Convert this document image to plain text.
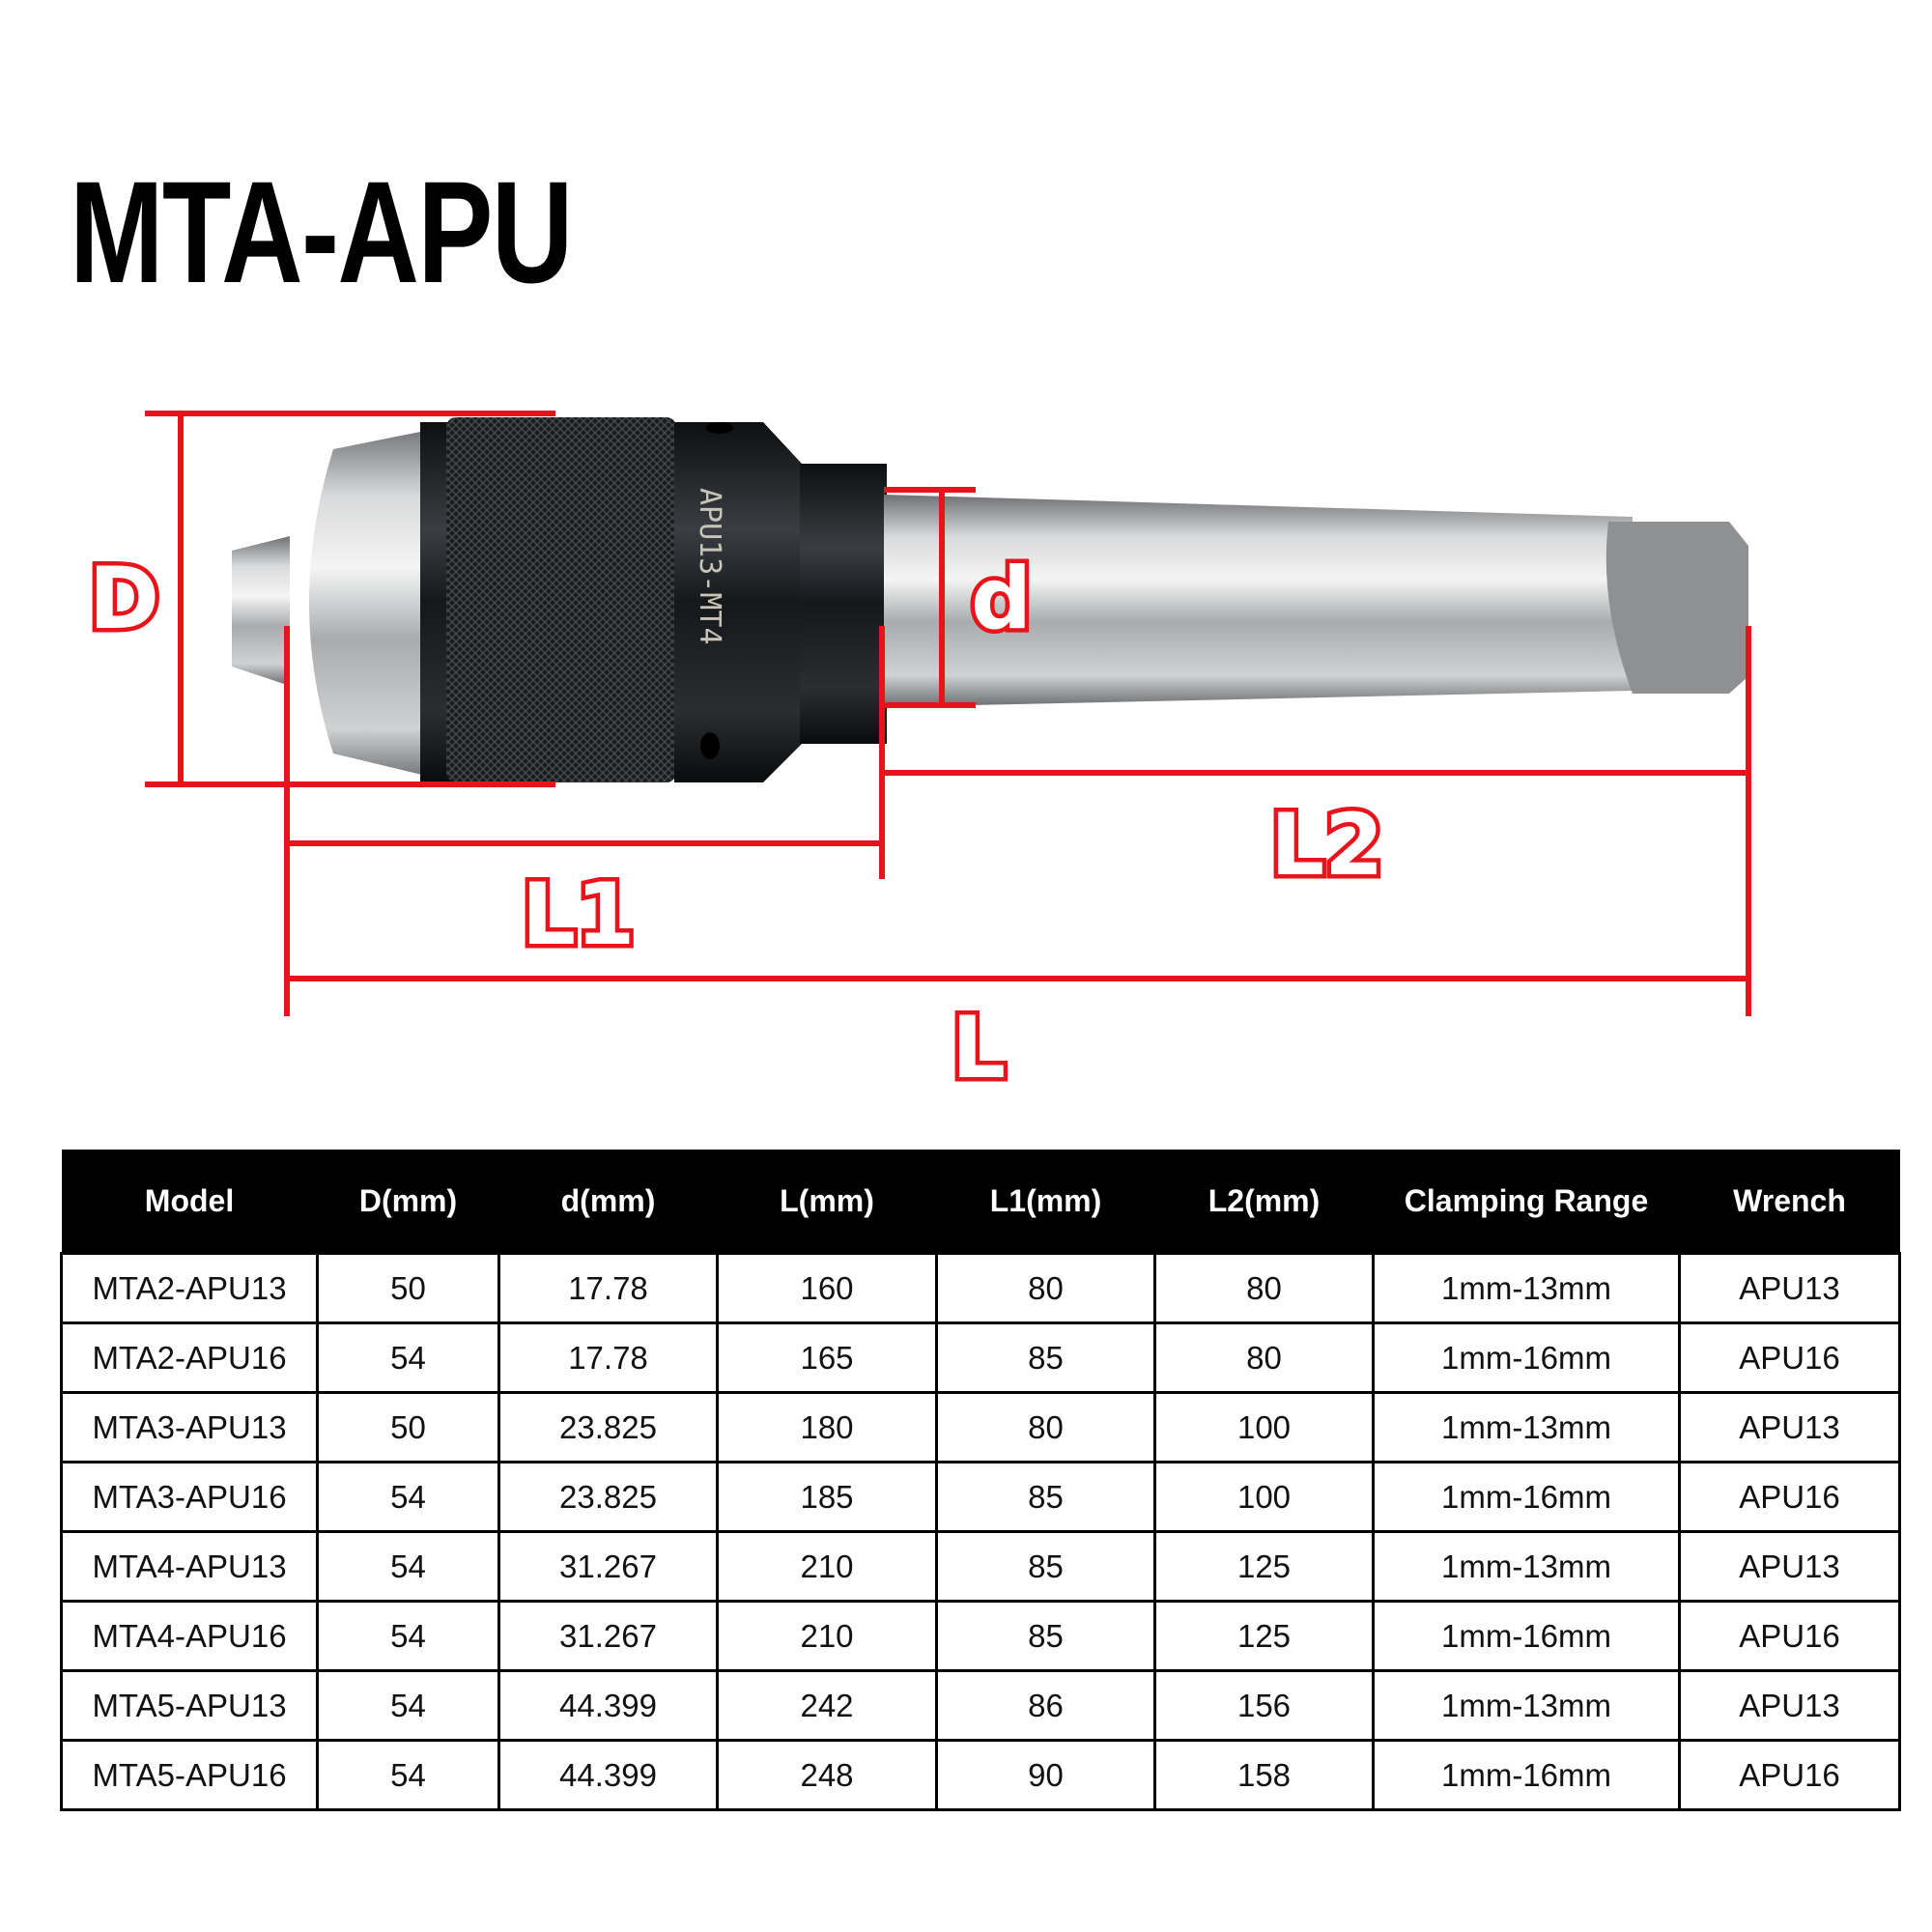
MTA-APU
APU13-MT4
D	d
L1
L2
L
Model	D(mm)	d(mm)	L(mm)	L1(mm)	L2(mm)	Clamping Range	Wrench
MTA2-APU13	50	17.78	160	80	80	1mm-13mm	APU13
MTA2-APU16	54	17.78	165	85	80	1mm-16mm	APU16
MTA3-APU13	50	23.825	180	80	100	1mm-13mm	APU13
MTA3-APU16	54	23.825	185	85	100	1mm-16mm	APU16
MTA4-APU13	54	31.267	210	85	125	1mm-13mm	APU13
MTA4-APU16	54	31.267	210	85	125	1mm-16mm	APU16
MTA5-APU13	54	44.399	242	86	156	1mm-13mm	APU13
MTA5-APU16	54	44.399	248	90	158	1mm-16mm	APU16
